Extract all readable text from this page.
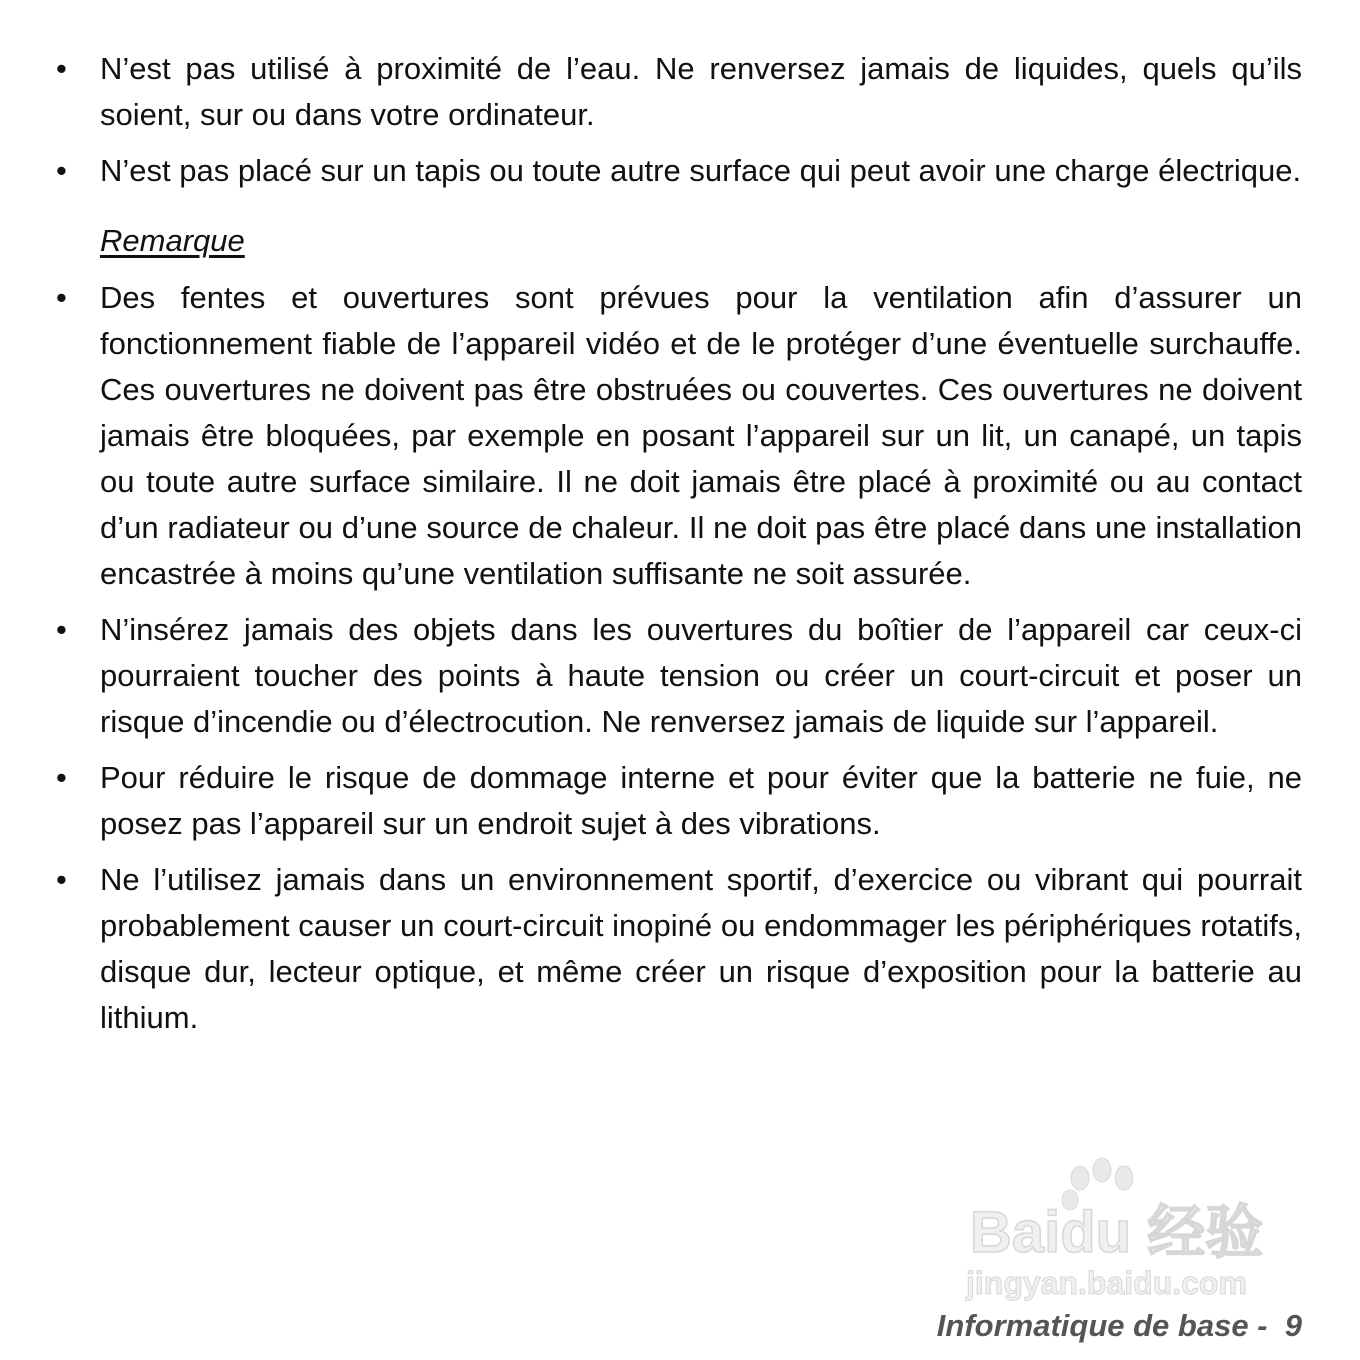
•	N’est pas utilisé à proximité de l’eau. Ne renversez jamais de liquides, quels qu’ils soient, sur ou dans votre ordinateur.
•	N’est pas placé sur un tapis ou toute autre surface qui peut avoir une charge électrique.
Remarque
•	Des fentes et ouvertures sont prévues pour la ventilation afin d’assurer un fonctionnement fiable de l’appareil vidéo et de le protéger d’une éventuelle surchauffe. Ces ouvertures ne doivent pas être obstruées ou couvertes. Ces ouvertures ne doivent jamais être bloquées, par exemple en posant l’appareil sur un lit, un canapé, un tapis ou toute autre surface similaire. Il ne doit jamais être placé à proximité ou au contact d’un radiateur ou d’une source de chaleur. Il ne doit pas être placé dans une installation encastrée à moins qu’une ventilation suffisante ne soit assurée.
•	N’insérez jamais des objets dans les ouvertures du boîtier de l’appareil car ceux-ci pourraient toucher des points à haute tension ou créer un court-circuit et poser un risque d’incendie ou d’électrocution. Ne renversez jamais de liquide sur l’appareil.
•	Pour réduire le risque de dommage interne et pour éviter que la batterie ne fuie, ne posez pas l’appareil sur un endroit sujet à des vibrations.
•	Ne l’utilisez jamais dans un environnement sportif, d’exercice ou vibrant qui pourrait probablement causer un court-circuit inopiné ou endommager les périphériques rotatifs, disque dur, lecteur optique, et même créer un risque d’exposition pour la batterie au lithium.
Baidu 经验
jingyan.baidu.com
Informatique de base - 9
